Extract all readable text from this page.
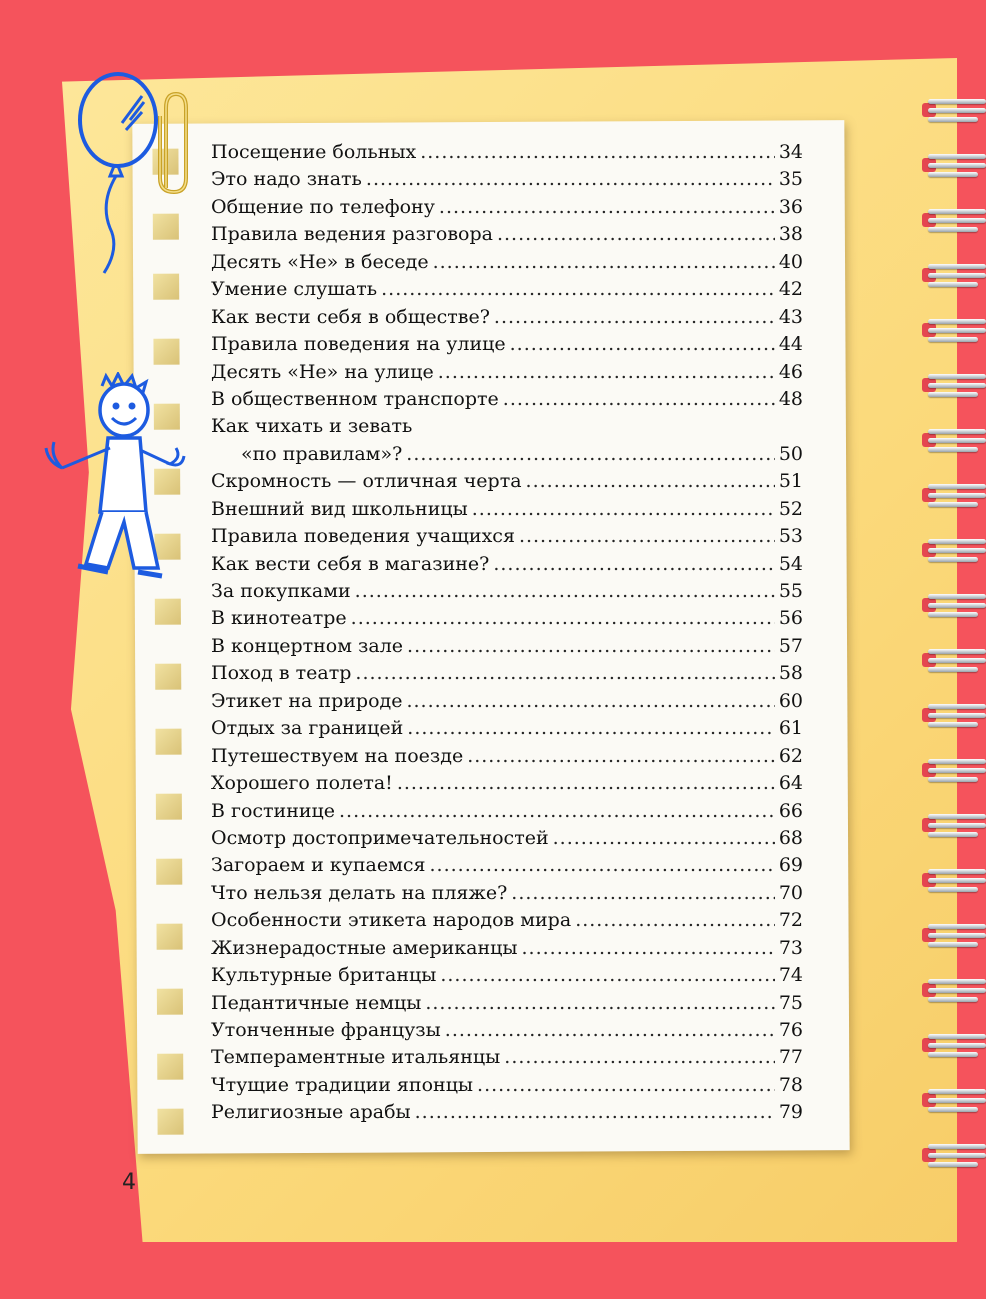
Посещение больных .....	34
Это надо знать .....	35
Общение по телефону .....	36
Правила ведения разговора .....	38
Десять «Не» в беседе .....	40
Умение слушать .....	42
Как вести себя в обществе? .....	43
Правила поведения на улице .....	44
Десять «Не» на улице .....	46
В общественном транспорте .....	48
Как чихать и зевать
«по правилам»? .....	50
Скромность — отличная черта .....	51
Внешний вид школьницы .....	52
Правила поведения учащихся .....	53
Как вести себя в магазине? .....	54
За покупками .....	55
В кинотеатре .....	56
В концертном зале .....	57
Поход в театр .....	58
Этикет на природе .....	60
Отдых за границей .....	61
Путешествуем на поезде .....	62
Хорошего полета! .....	64
В гостинице .....	66
Осмотр достопримечательностей .....	68
Загораем и купаемся .....	69
Что нельзя делать на пляже? .....	70
Особенности этикета народов мира .....	72
Жизнерадостные американцы .....	73
Культурные британцы .....	74
Педантичные немцы .....	75
Утонченные французы .....	76
Темпераментные итальянцы .....	77
Чтущие традиции японцы .....	78
Религиозные арабы .....	79
4
